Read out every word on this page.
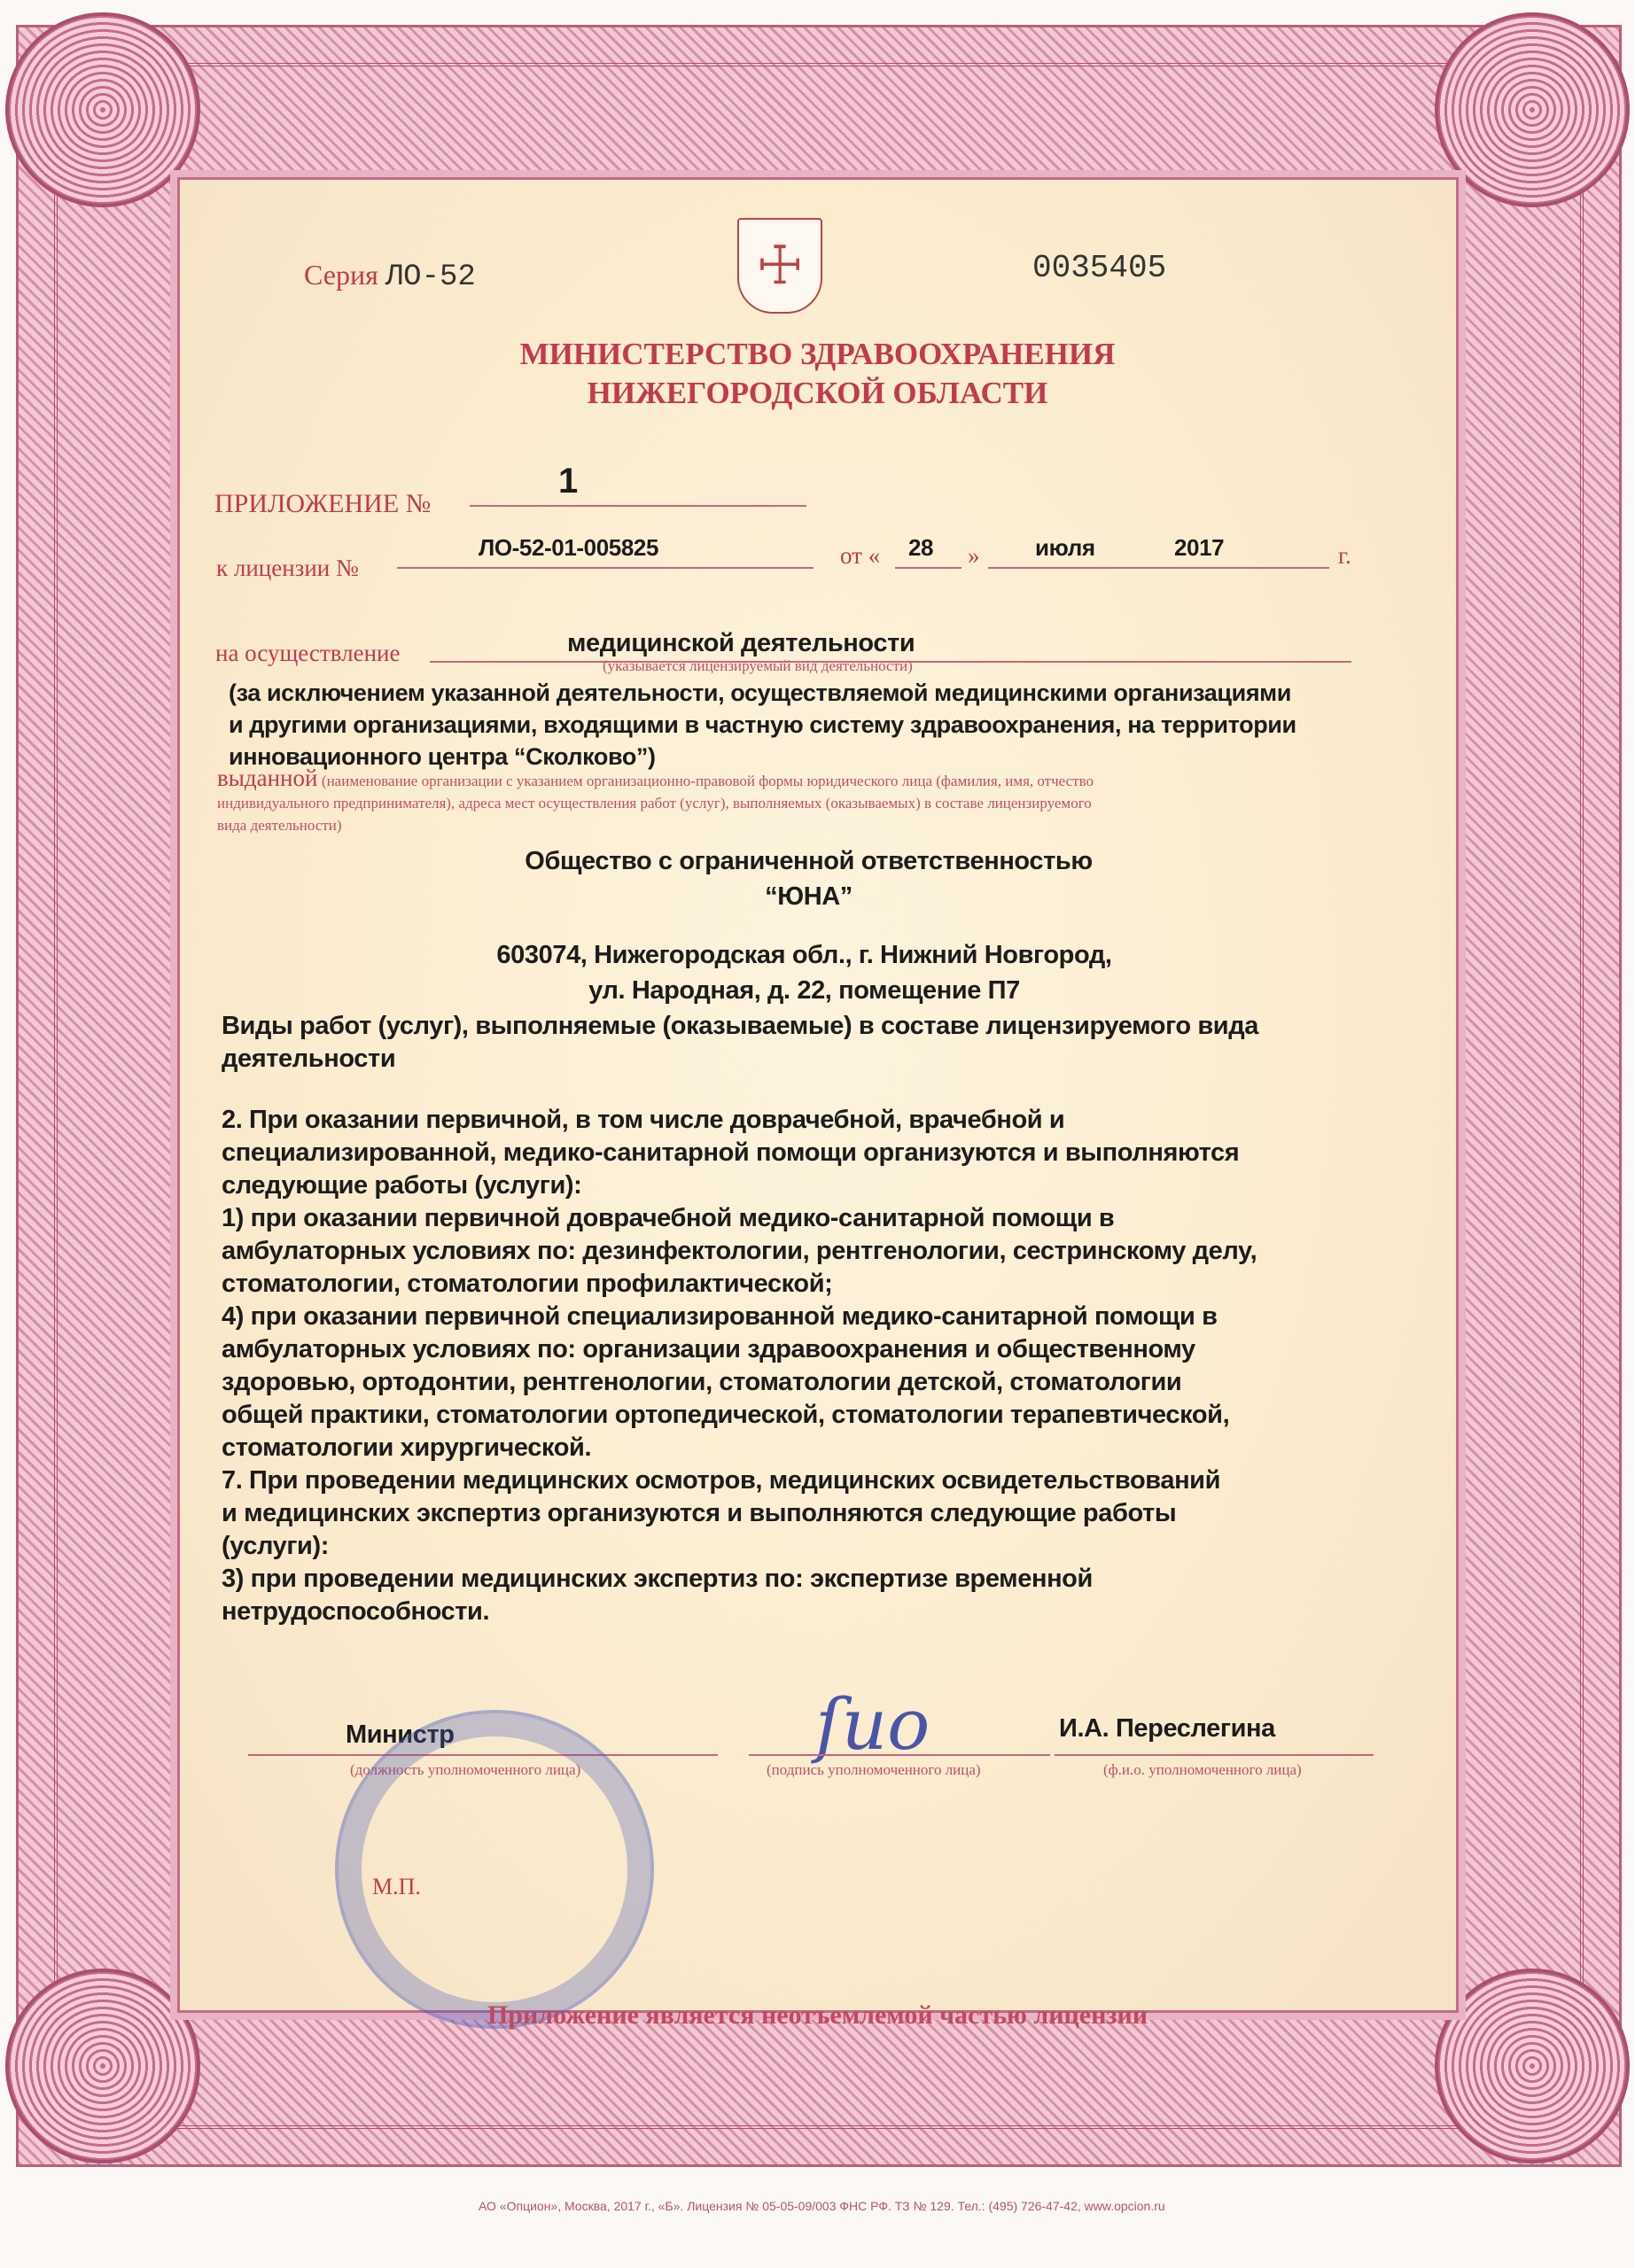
☩
Серия ЛО-52	0035405
МИНИСТЕРСТВО ЗДРАВООХРАНЕНИЯ
НИЖЕГОРОДСКОЙ ОБЛАСТИ
ПРИЛОЖЕНИЕ №
1
к лицензии №
ЛО-52-01-005825	от « 28 » июля	2017	г.
на осуществление	медицинской деятельности
(указывается лицензируемый вид деятельности)
(за исключением указанной деятельности, осуществляемой медицинскими организациями
и другими организациями, входящими в частную систему здравоохранения, на территории
инновационного центра “Сколково”)
выданной (наименование организации с указанием организационно-правовой формы юридического лица (фамилия, имя, отчество
индивидуального предпринимателя), адреса мест осуществления работ (услуг), выполняемых (оказываемых) в составе лицензируемого
вида деятельности)
Общество с ограниченной ответственностью
“ЮНА”
603074, Нижегородская обл., г. Нижний Новгород,
ул. Народная, д. 22, помещение П7
Виды работ (услуг), выполняемые (оказываемые) в составе лицензируемого вида
деятельности
2. При оказании первичной, в том числе доврачебной, врачебной и
специализированной, медико-санитарной помощи организуются и выполняются
следующие работы (услуги):
1) при оказании первичной доврачебной медико-санитарной помощи в
амбулаторных условиях по: дезинфектологии, рентгенологии, сестринскому делу,
стоматологии, стоматологии профилактической;
4) при оказании первичной специализированной медико-санитарной помощи в
амбулаторных условиях по: организации здравоохранения и общественному
здоровью, ортодонтии, рентгенологии, стоматологии детской, стоматологии
общей практики, стоматологии ортопедической, стоматологии терапевтической,
стоматологии хирургической.
7. При проведении медицинских осмотров, медицинских освидетельствований
и медицинских экспертиз организуются и выполняются следующие работы
(услуги):
3) при проведении медицинских экспертиз по: экспертизе временной
нетрудоспособности.
Министр
(должность уполномоченного лица)
ſuo
(подпись уполномоченного лица)
И.А. Переслегина
(ф.и.о. уполномоченного лица)
М.П.
Приложение является неотъемлемой частью лицензии
АО «Опцион», Москва, 2017 г., «Б». Лицензия № 05-05-09/003 ФНС РФ. ТЗ № 129. Тел.: (495) 726-47-42, www.opcion.ru
